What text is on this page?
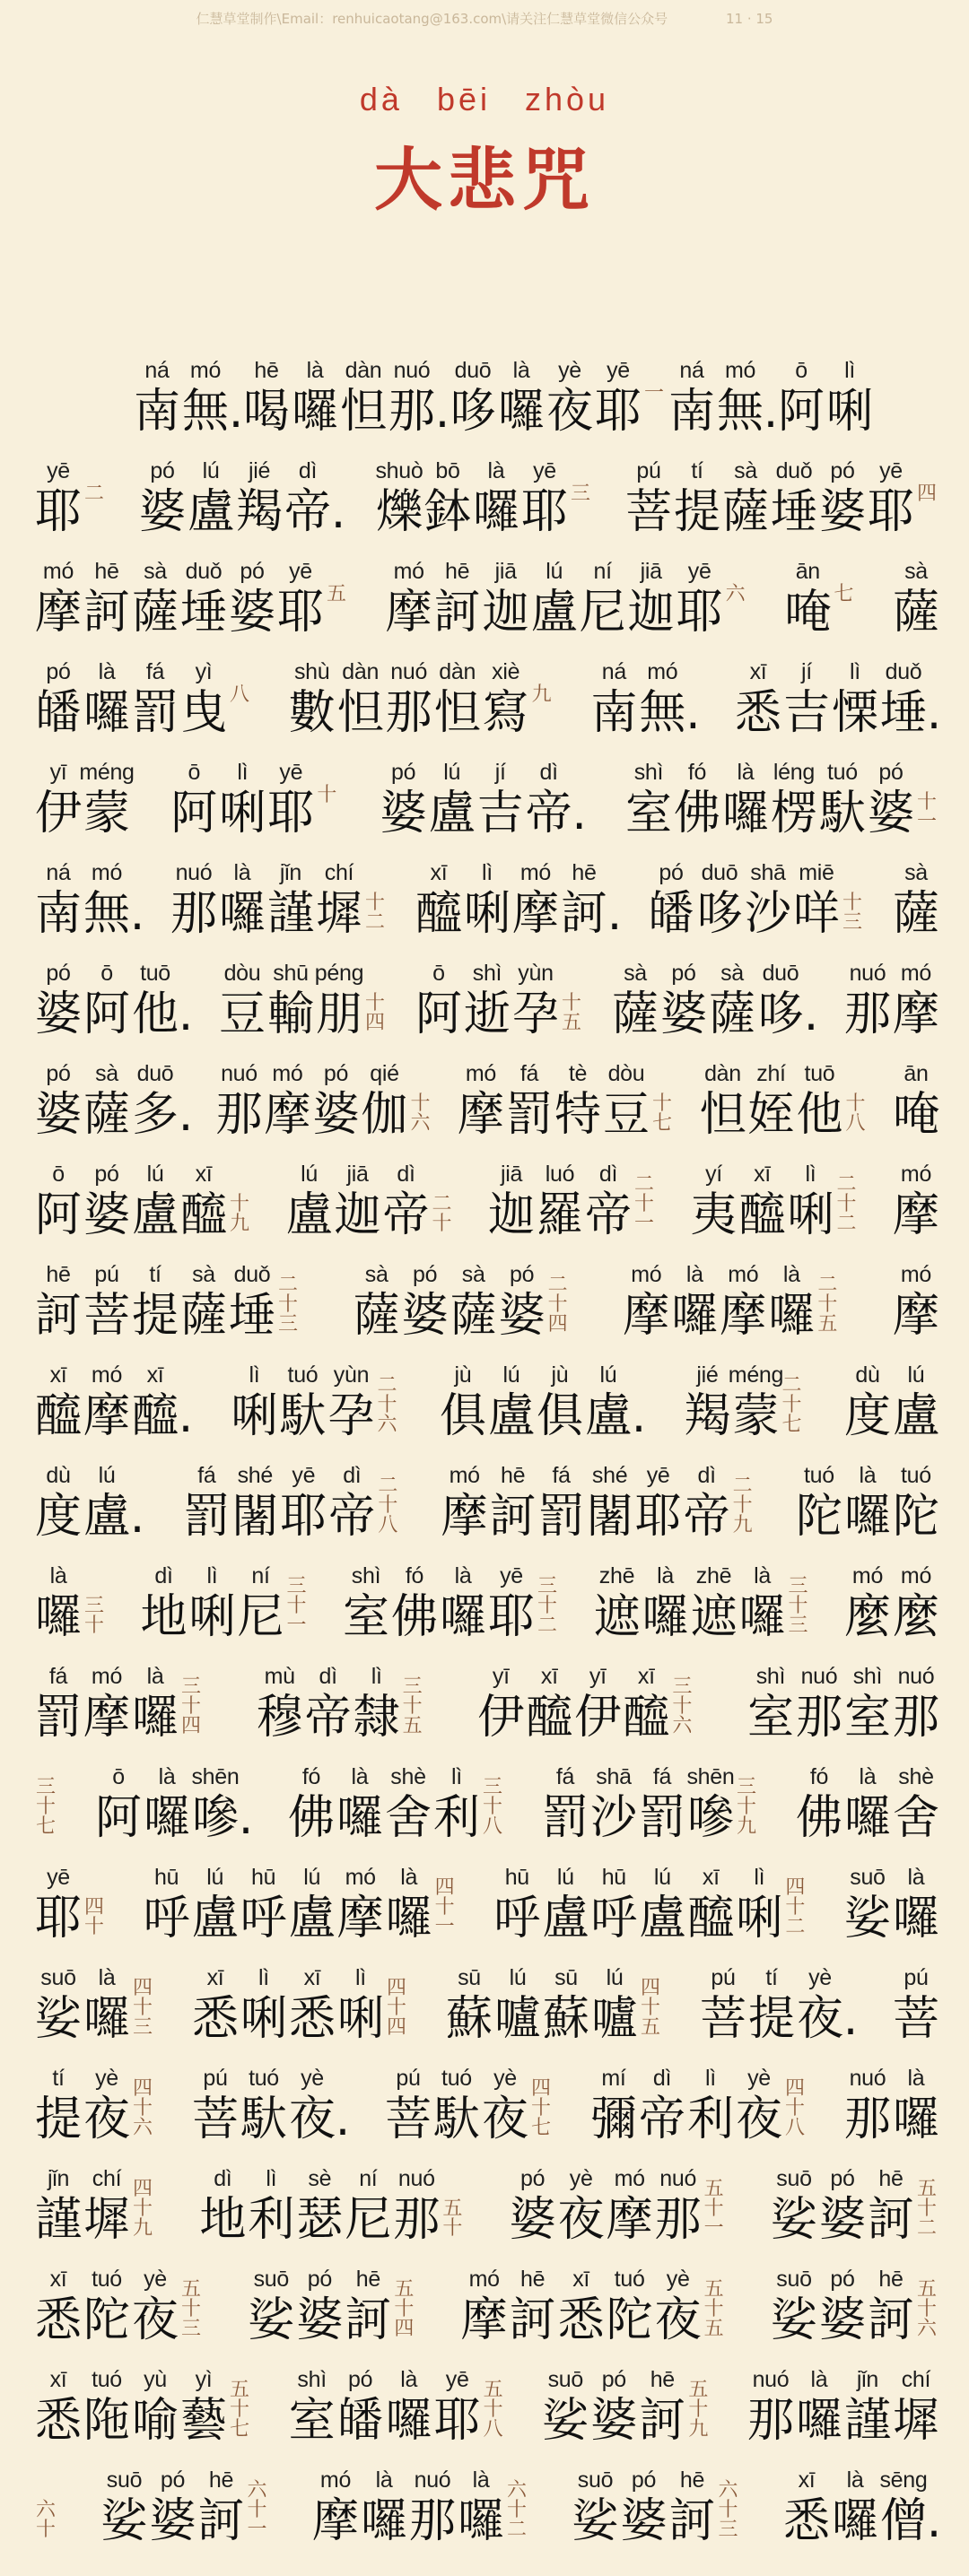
仁慧草堂制作\Email：renhuicaotang@163.com\请关注仁慧草堂微信公众号	11 · 15
dà bēi zhòu
大悲咒
ná
南
mó
無 .
hē
喝
là
囉
dàn
怛
nuó
那 .
duō
哆
là
囉
yè
夜
yē
耶 一
ná
南
mó
無 .
ō
阿
lì
唎
yē
耶 二
pó
婆
lú
盧
jié
羯
dì
帝 .
shuò
爍
bō
鉢
là
囉
yē
耶 三
pú
菩
tí
提
sà
薩
duǒ
埵
pó
婆
yē
耶 四
mó
摩
hē
訶
sà
薩
duǒ
埵
pó
婆
yē
耶 五
mó
摩
hē
訶
jiā
迦
lú
盧
ní
尼
jiā
迦
yē
耶 六
ān
唵 七
sà
薩
pó
皤
là
囉
fá
罰
yì
曳 八
shù
數
dàn
怛
nuó
那
dàn
怛
xiè
寫 九
ná
南
mó
無 .
xī
悉
jí
吉
lì
慄
duǒ
埵 .
yī
伊
méng
蒙
ō
阿
lì
唎
yē
耶 十
pó
婆
lú
盧
jí
吉
dì
帝 .
shì
室
fó
佛
là
囉
léng
楞
tuó
馱
pó
婆 十
一
ná
南
mó
無 .
nuó
那
là
囉
jǐn
謹
chí
墀 十
二
xī
醯
lì
唎
mó
摩
hē
訶 .
pó
皤
duō
哆
shā
沙
miē
咩 十
三
sà
薩
pó
婆
ō
阿
tuō
他 .
dòu
豆
shū
輸
péng
朋 十
四
ō
阿
shì
逝
yùn
孕 十
五
sà
薩
pó
婆
sà
薩
duō
哆 .
nuó
那
mó
摩
pó
婆
sà
薩
duō
多 .
nuó
那
mó
摩
pó
婆
qié
伽 十
六
mó
摩
fá
罰
tè
特
dòu
豆 十
七
dàn
怛
zhí
姪
tuō
他 十
八
ān
唵
ō
阿
pó
婆
lú
盧
xī
醯 十
九
lú
盧
jiā
迦
dì
帝 二
十
jiā
迦
luó
羅
dì
帝
二
十
一
yí
夷
xī
醯
lì
唎
二
十
二
mó
摩
hē
訶
pú
菩
tí
提
sà
薩
duǒ
埵
二
十
三
sà
薩
pó
婆
sà
薩
pó
婆
二
十
四
mó
摩
là
囉
mó
摩
là
囉
二
十
五
mó
摩
xī
醯
mó
摩
xī
醯 .
lì
唎
tuó
馱
yùn
孕
二
十
六
jù
俱
lú
盧
jù
俱
lú
盧 .
jié
羯
méng
蒙
二
十
七
dù
度
lú
盧
dù
度
lú
盧 .
fá
罰
shé
闍
yē
耶
dì
帝
二
十
八
mó
摩
hē
訶
fá
罰
shé
闍
yē
耶
dì
帝
二
十
九
tuó
陀
là
囉
tuó
陀
là
囉 三
十
dì
地
lì
唎
ní
尼
三
十
一
shì
室
fó
佛
là
囉
yē
耶
三
十
二
zhē
遮
là
囉
zhē
遮
là
囉
三
十
三
mó
麼
mó
麼
fá
罰
mó
摩
là
囉
三
十
四
mù
穆
dì
帝
lì
隸
三
十
五
yī
伊
xī
醯
yī
伊
xī
醯
三
十
六
shì
室
nuó
那
shì
室
nuó
那
三
十
七
ō
阿
là
囉
shēn
嘇 .
fó
佛
là
囉
shè
舍
lì
利
三
十
八
fá
罰
shā
沙
fá
罰
shēn
嘇
三
十
九
fó
佛
là
囉
shè
舍
yē
耶 四
十
hū
呼
lú
盧
hū
呼
lú
盧
mó
摩
là
囉
四
十
一
hū
呼
lú
盧
hū
呼
lú
盧
xī
醯
lì
唎
四
十
二
suō
娑
là
囉
suō
娑
là
囉
四
十
三
xī
悉
lì
唎
xī
悉
lì
唎
四
十
四
sū
蘇
lú
嚧
sū
蘇
lú
嚧
四
十
五
pú
菩
tí
提
yè
夜 .
pú
菩
tí
提
yè
夜
四
十
六
pú
菩
tuó
馱
yè
夜 .
pú
菩
tuó
馱
yè
夜
四
十
七
mí
彌
dì
帝
lì
利
yè
夜
四
十
八
nuó
那
là
囉
jǐn
謹
chí
墀
四
十
九
dì
地
lì
利
sè
瑟
ní
尼
nuó
那 五
十
pó
婆
yè
夜
mó
摩
nuó
那
五
十
一
suō
娑
pó
婆
hē
訶
五
十
二
xī
悉
tuó
陀
yè
夜
五
十
三
suō
娑
pó
婆
hē
訶
五
十
四
mó
摩
hē
訶
xī
悉
tuó
陀
yè
夜
五
十
五
suō
娑
pó
婆
hē
訶
五
十
六
xī
悉
tuó
陁
yù
喻
yì
藝
五
十
七
shì
室
pó
皤
là
囉
yē
耶
五
十
八
suō
娑
pó
婆
hē
訶
五
十
九
nuó
那
là
囉
jǐn
謹
chí
墀
六
十
suō
娑
pó
婆
hē
訶
六
十
一
mó
摩
là
囉
nuó
那
là
囉
六
十
二
suō
娑
pó
婆
hē
訶
六
十
三
xī
悉
là
囉
sēng
僧 .
